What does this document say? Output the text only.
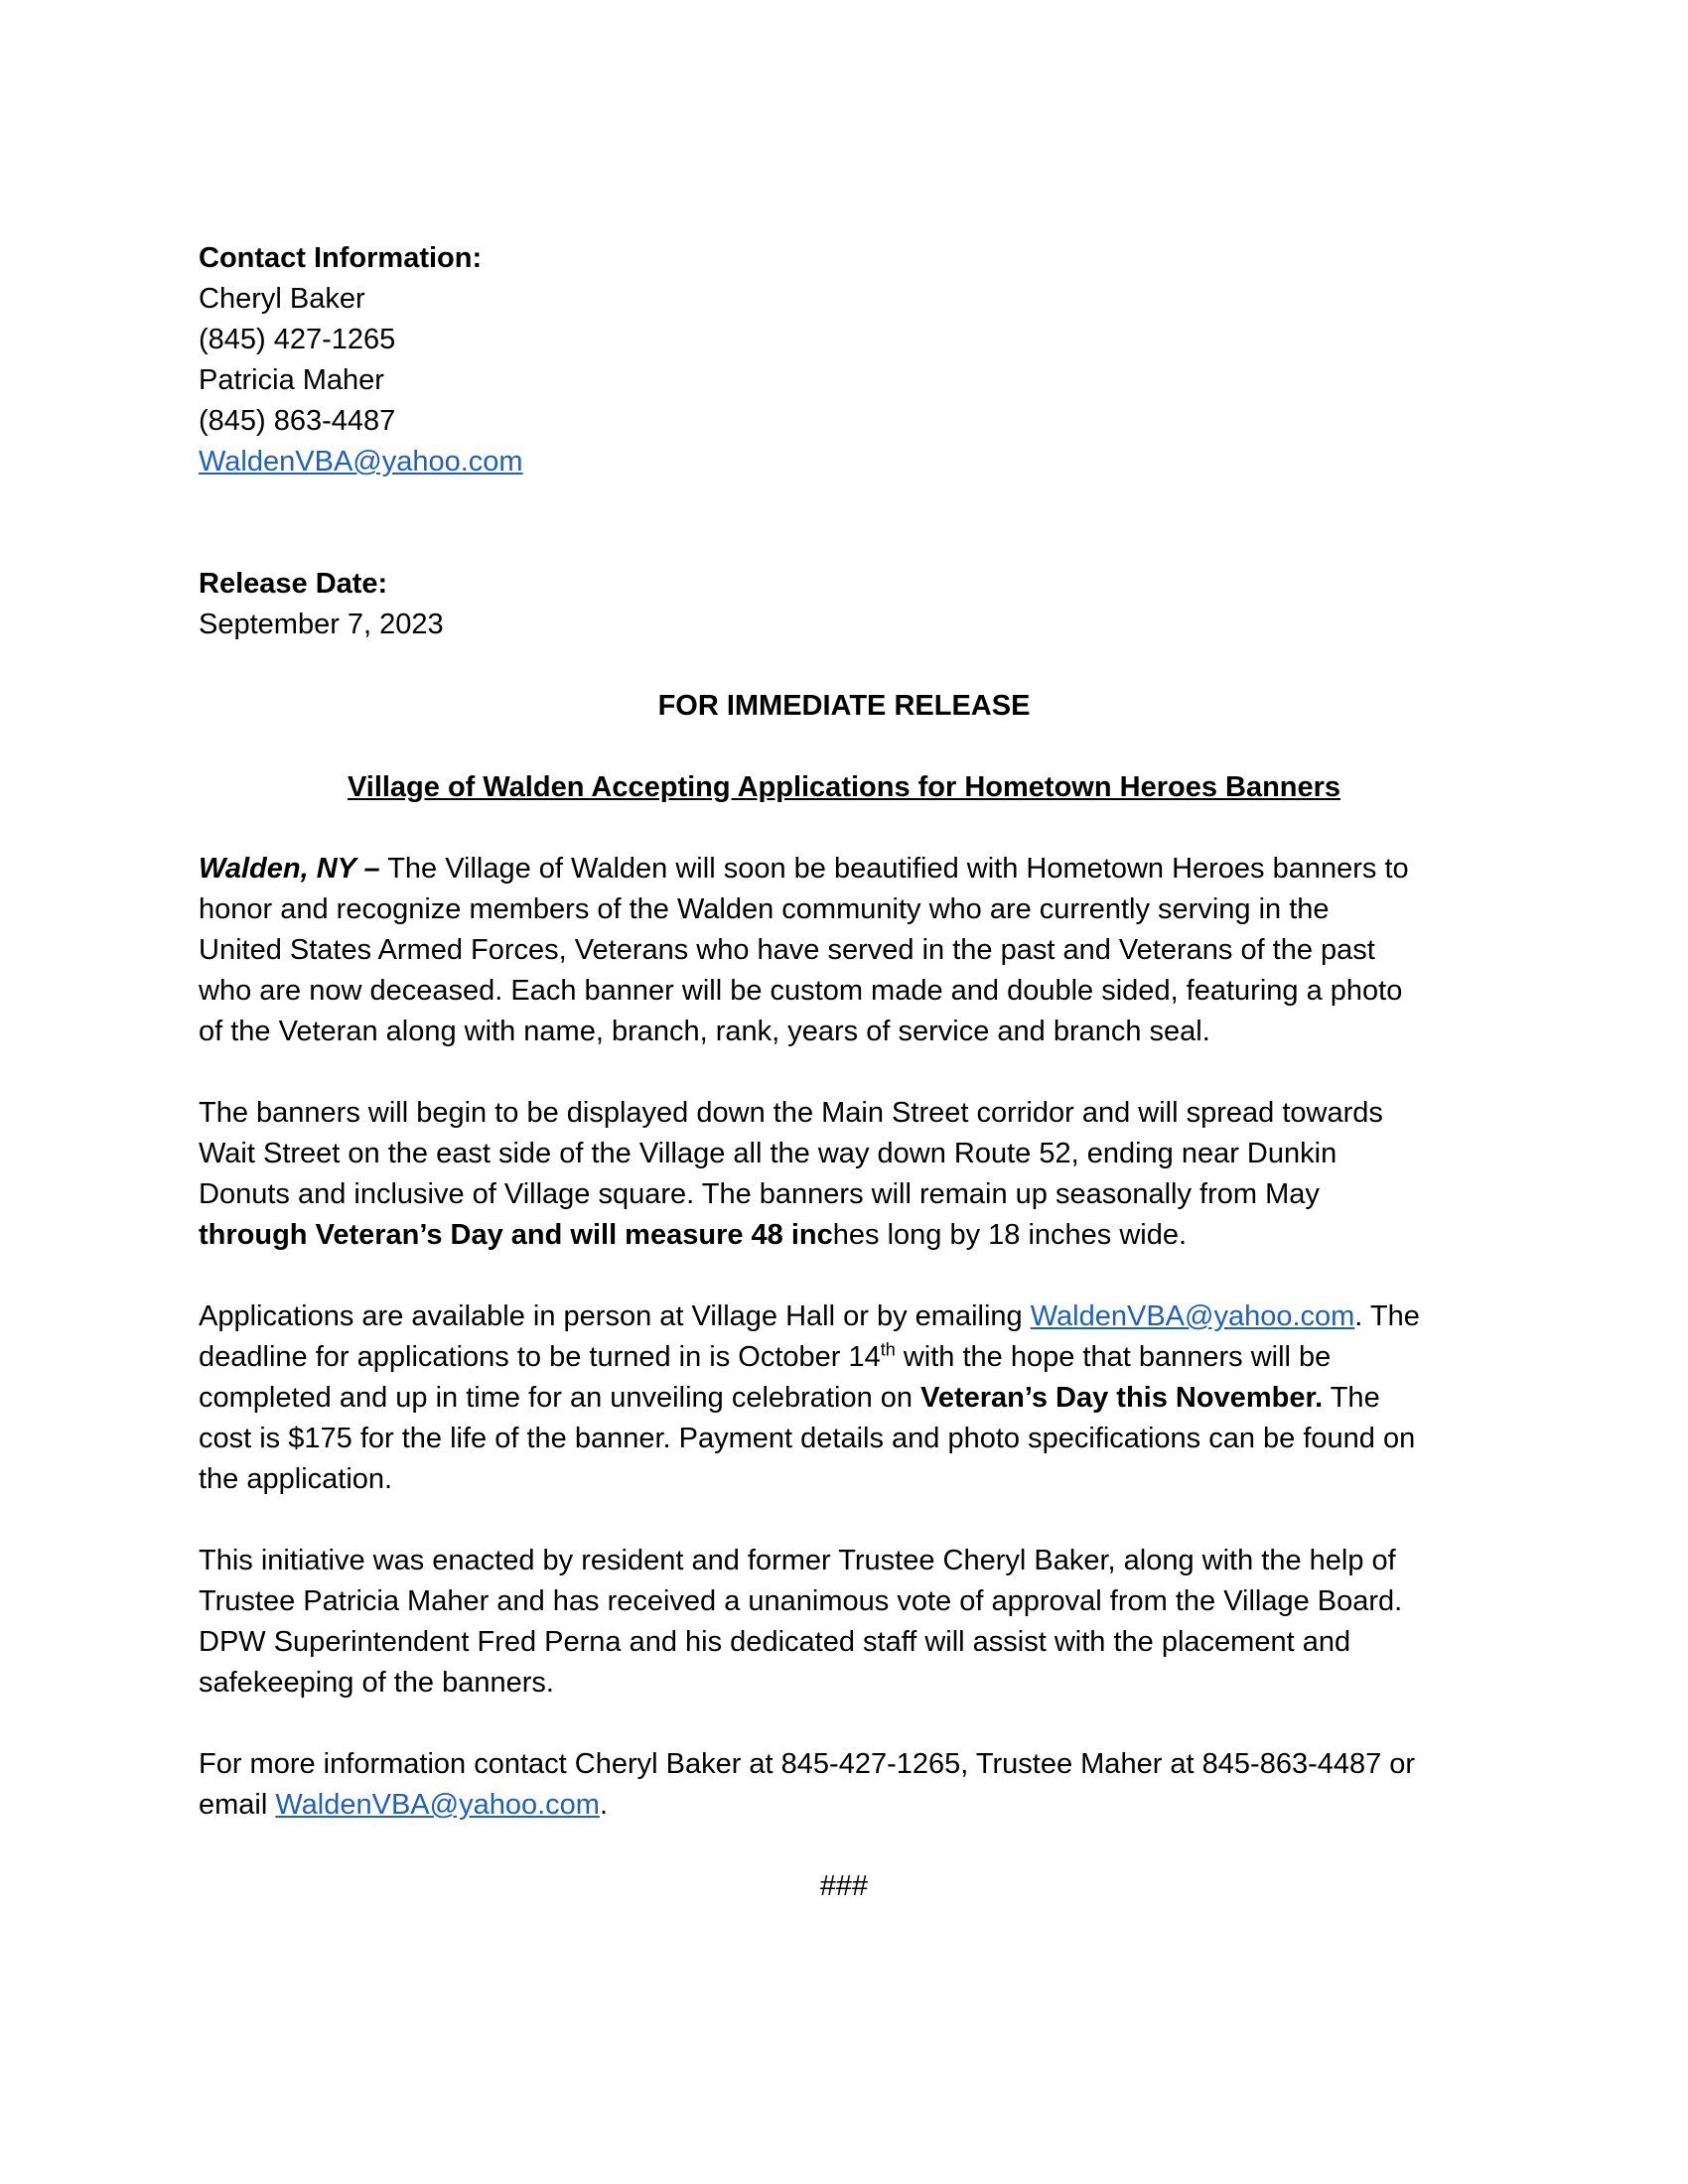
Contact Information:
Cheryl Baker
(845) 427-1265
Patricia Maher
(845) 863-4487
WaldenVBA@yahoo.com
Release Date:
September 7, 2023
FOR IMMEDIATE RELEASE
Village of Walden Accepting Applications for Hometown Heroes Banners
Walden, NY – The Village of Walden will soon be beautified with Hometown Heroes banners to
honor and recognize members of the Walden community who are currently serving in the
United States Armed Forces, Veterans who have served in the past and Veterans of the past
who are now deceased. Each banner will be custom made and double sided, featuring a photo
of the Veteran along with name, branch, rank, years of service and branch seal.
The banners will begin to be displayed down the Main Street corridor and will spread towards
Wait Street on the east side of the Village all the way down Route 52, ending near Dunkin
Donuts and inclusive of Village square. The banners will remain up seasonally from May
through Veteran’s Day and will measure 48 inches long by 18 inches wide.
Applications are available in person at Village Hall or by emailing WaldenVBA@yahoo.com. The
deadline for applications to be turned in is October 14th with the hope that banners will be
completed and up in time for an unveiling celebration on Veteran’s Day this November. The
cost is $175 for the life of the banner. Payment details and photo specifications can be found on
the application.
This initiative was enacted by resident and former Trustee Cheryl Baker, along with the help of
Trustee Patricia Maher and has received a unanimous vote of approval from the Village Board.
DPW Superintendent Fred Perna and his dedicated staff will assist with the placement and
safekeeping of the banners.
For more information contact Cheryl Baker at 845-427-1265, Trustee Maher at 845-863-4487 or
email WaldenVBA@yahoo.com.
###
